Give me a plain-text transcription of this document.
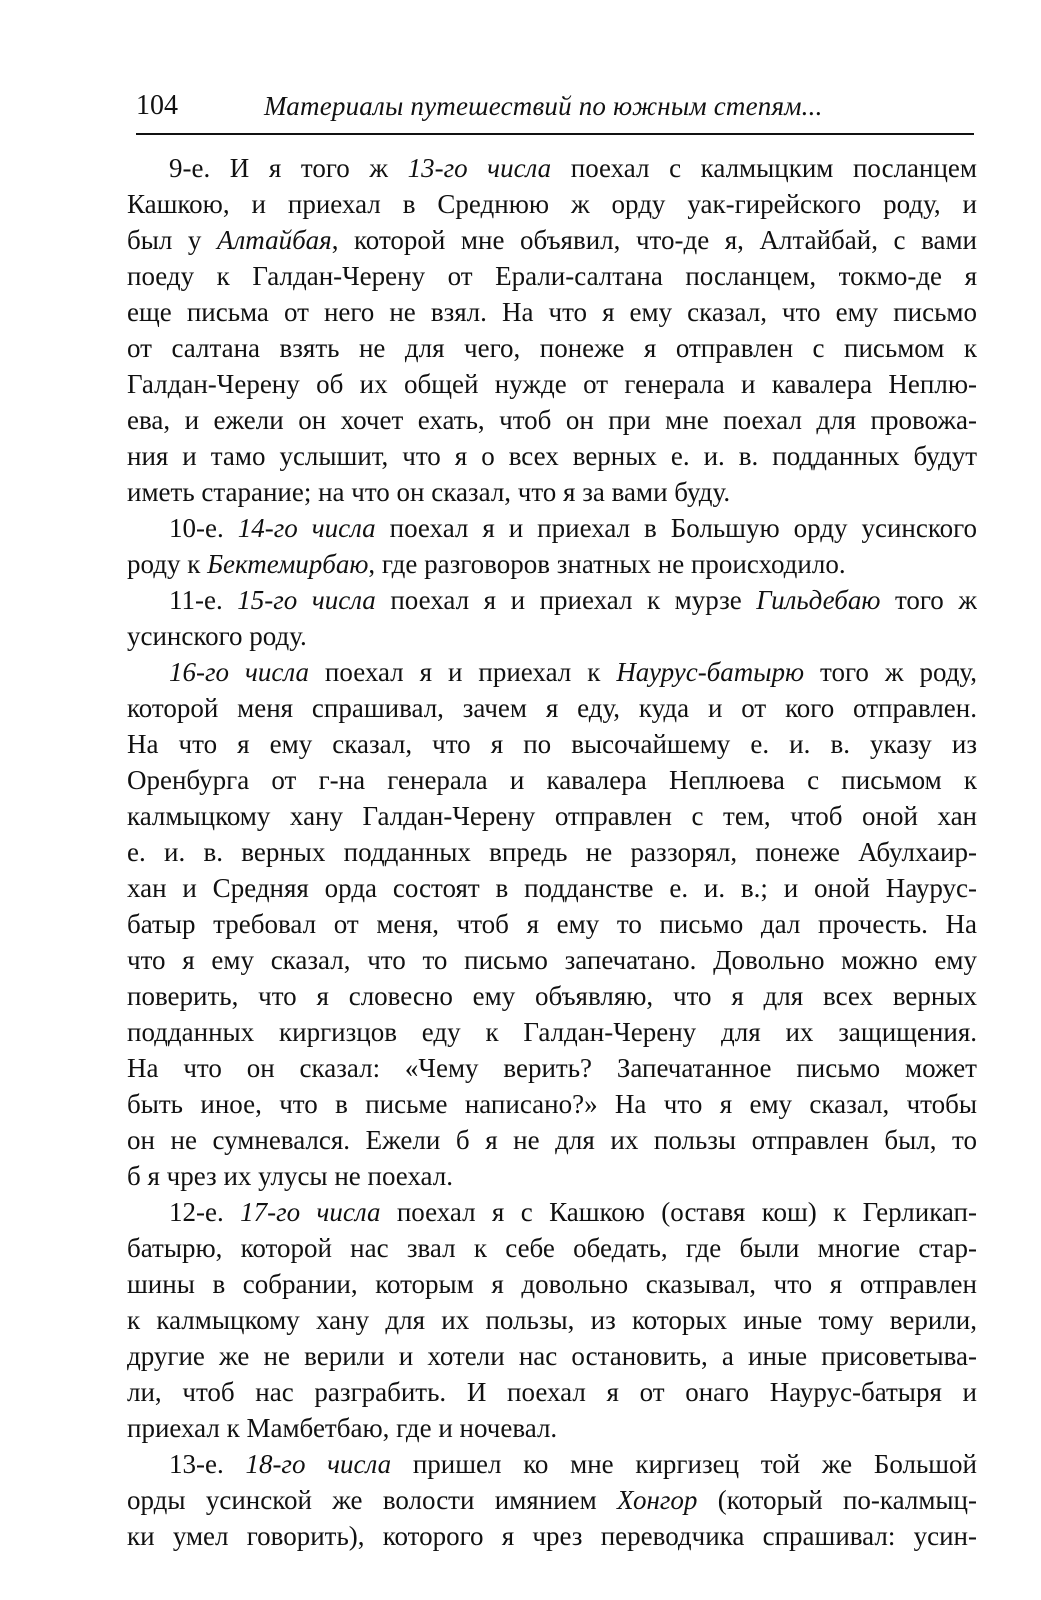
104	Материалы путешествий по южным степям...
9-е. И я того ж 13-го числа поехал с калмыцким посланцем
Кашкою, и приехал в Среднюю ж орду уак-гирейского роду, и
был у Алтайбая, которой мне объявил, что-де я, Алтайбай, с вами
поеду к Галдан-Черену от Ерали-салтана посланцем, токмо-де я
еще письма от него не взял. На что я ему сказал, что ему письмо
от салтана взять не для чего, понеже я отправлен с письмом к
Галдан-Черену об их общей нужде от генерала и кавалера Неплю-
ева, и ежели он хочет ехать, чтоб он при мне поехал для провожа-
ния и тамо услышит, что я о всех верных е. и. в. подданных будут
иметь старание; на что он сказал, что я за вами буду.
10-е. 14-го числа поехал я и приехал в Большую орду усинского
роду к Бектемирбаю, где разговоров знатных не происходило.
11-е. 15-го числа поехал я и приехал к мурзе Гильдебаю того ж
усинского роду.
16-го числа поехал я и приехал к Наурус-батырю того ж роду,
которой меня спрашивал, зачем я еду, куда и от кого отправлен.
На что я ему сказал, что я по высочайшему е. и. в. указу из
Оренбурга от г-на генерала и кавалера Неплюева с письмом к
калмыцкому хану Галдан-Черену отправлен с тем, чтоб оной хан
е. и. в. верных подданных впредь не раззорял, понеже Абулхаир-
хан и Средняя орда состоят в подданстве е. и. в.; и оной Наурус-
батыр требовал от меня, чтоб я ему то письмо дал прочесть. На
что я ему сказал, что то письмо запечатано. Довольно можно ему
поверить, что я словесно ему объявляю, что я для всех верных
подданных киргизцов еду к Галдан-Черену для их защищения.
На что он сказал: «Чему верить? Запечатанное письмо может
быть иное, что в письме написано?» На что я ему сказал, чтобы
он не сумневался. Ежели б я не для их пользы отправлен был, то
б я чрез их улусы не поехал.
12-е. 17-го числа поехал я с Кашкою (оставя кош) к Герликап-
батырю, которой нас звал к себе обедать, где были многие стар-
шины в собрании, которым я довольно сказывал, что я отправлен
к калмыцкому хану для их пользы, из которых иные тому верили,
другие же не верили и хотели нас остановить, а иные присоветыва-
ли, чтоб нас разграбить. И поехал я от онаго Наурус-батыря и
приехал к Мамбетбаю, где и ночевал.
13-е. 18-го числа пришел ко мне киргизец той же Большой
орды усинской же волости имянием Хонгор (который по-калмыц-
ки умел говорить), которого я чрез переводчика спрашивал: усин-
